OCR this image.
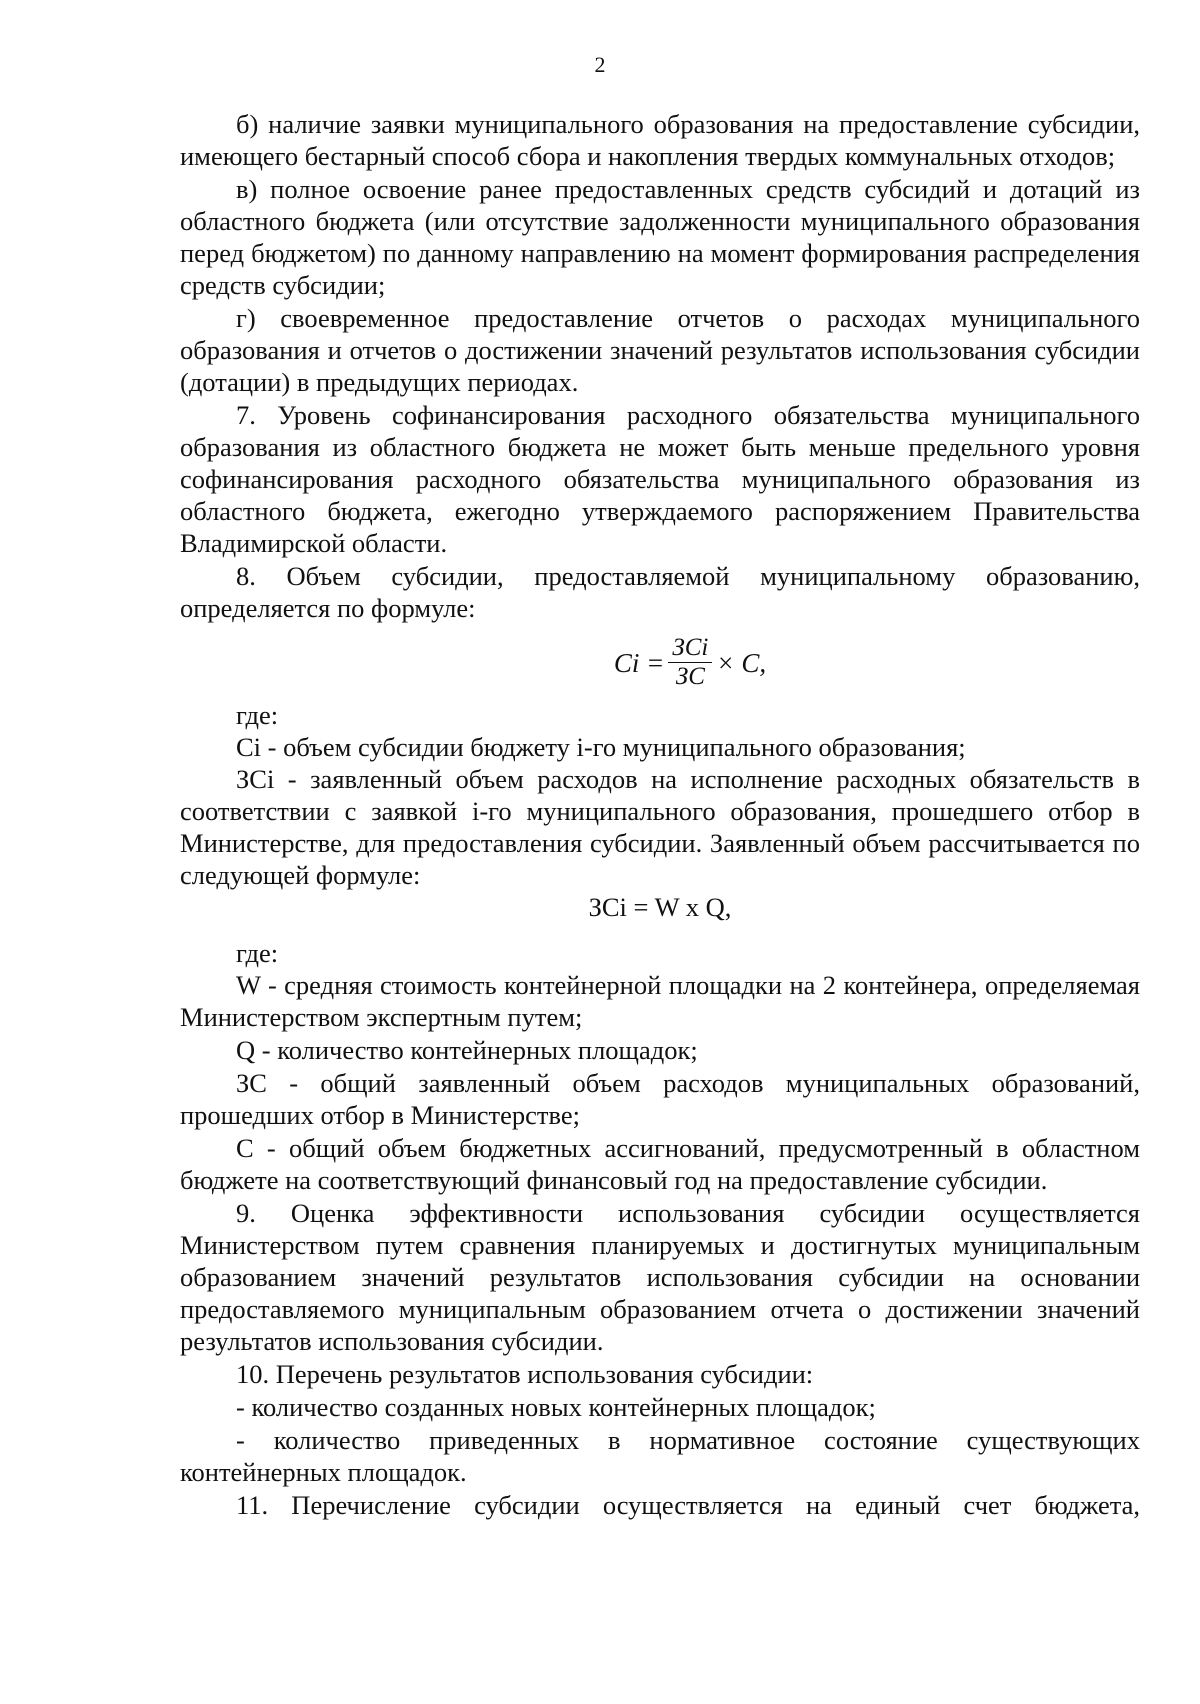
2

б) наличие заявки муниципального образования на предоставление субсидии, имеющего бестарный способ сбора и накопления твердых коммунальных отходов;

в) полное освоение ранее предоставленных средств субсидий и дотаций из областного бюджета (или отсутствие задолженности муниципального образования перед бюджетом) по данному направлению на момент формирования распределения средств субсидии;

г) своевременное предоставление отчетов о расходах муниципального образования и отчетов о достижении значений результатов использования субсидии (дотации) в предыдущих периодах.

7. Уровень софинансирования расходного обязательства муниципального образования из областного бюджета не может быть меньше предельного уровня софинансирования расходного обязательства муниципального образования из областного бюджета, ежегодно утверждаемого распоряжением Правительства Владимирской области.

8. Объем субсидии, предоставляемой муниципальному образованию, определяется по формуле:

$Ci = \frac{\text{ЗCi}}{ЗС} \times C$,

где:

Ci - объем субсидии бюджету i-го муниципального образования;

ЗCi - заявленный объем расходов на исполнение расходных обязательств в соответствии с заявкой i-го муниципального образования, прошедшего отбор в Министерстве, для предоставления субсидии. Заявленный объем рассчитывается по следующей формуле:

ЗCi = W x Q,

где:

W - средняя стоимость контейнерной площадки на 2 контейнера, определяемая Министерством экспертным путем;

Q - количество контейнерных площадок;

ЗС - общий заявленный объем расходов муниципальных образований, прошедших отбор в Министерстве;

С - общий объем бюджетных ассигнований, предусмотренный в областном бюджете на соответствующий финансовый год на предоставление субсидии.

9. Оценка эффективности использования субсидии осуществляется Министерством путем сравнения планируемых и достигнутых муниципальным образованием значений результатов использования субсидии на основании предоставляемого муниципальным образованием отчета о достижении значений результатов использования субсидии.

10. Перечень результатов использования субсидии:

- количество созданных новых контейнерных площадок;

- количество приведенных в нормативное состояние существующих контейнерных площадок.

11. Перечисление субсидии осуществляется на единый счет бюджета,
